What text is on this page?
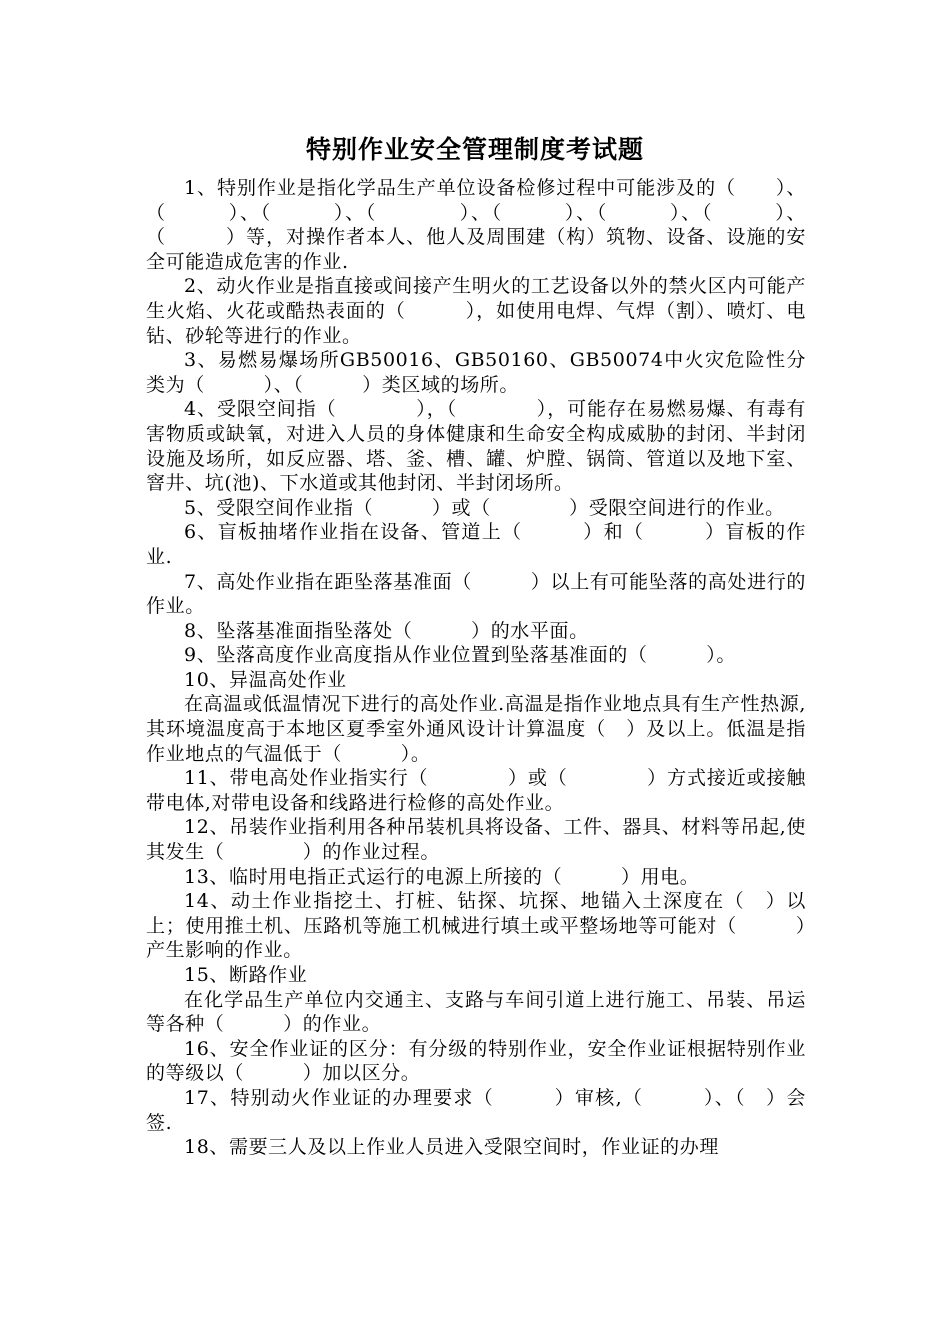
特别作业安全管理制度考试题

1、特别作业是指化学品生产单位设备检修过程中可能涉及的（　　）、（　　　）、（　　　）、（　　　　）、（　　　）、（　　　）、（　　　）、（　　　）等，对操作者本人、他人及周围建（构）筑物、设备、设施的安全可能造成危害的作业.

2、动火作业是指直接或间接产生明火的工艺设备以外的禁火区内可能产生火焰、火花或酷热表面的（　　　），如使用电焊、气焊（割）、喷灯、电钻、砂轮等进行的作业。

3、易燃易爆场所GB50016、GB50160、GB50074中火灾危险性分类为（　　　）、（　　　）类区域的场所。

4、受限空间指（　　　　），（　　　　），可能存在易燃易爆、有毒有害物质或缺氧，对进入人员的身体健康和生命安全构成威胁的封闭、半封闭设施及场所，如反应器、塔、釜、槽、罐、炉膛、锅筒、管道以及地下室、窨井、坑(池)、下水道或其他封闭、半封闭场所。

5、受限空间作业指（　　　）或（　　　　）受限空间进行的作业。

6、盲板抽堵作业指在设备、管道上（　　　）和（　　　）盲板的作业.

7、高处作业指在距坠落基准面（　　　）以上有可能坠落的高处进行的作业。

8、坠落基准面指坠落处（　　　）的水平面。

9、坠落高度作业高度指从作业位置到坠落基准面的（　　　）。

10、异温高处作业

在高温或低温情况下进行的高处作业.高温是指作业地点具有生产性热源,其环境温度高于本地区夏季室外通风设计计算温度（　）及以上。低温是指作业地点的气温低于（　　　）。

11、带电高处作业指实行（　　　　）或（　　　　）方式接近或接触带电体,对带电设备和线路进行检修的高处作业。

12、吊装作业指利用各种吊装机具将设备、工件、器具、材料等吊起,使其发生（　　　　）的作业过程。

13、临时用电指正式运行的电源上所接的（　　　）用电。

14、动土作业指挖土、打桩、钻探、坑探、地锚入土深度在（　）以上；使用推土机、压路机等施工机械进行填土或平整场地等可能对（　　　）产生影响的作业。

15、断路作业

在化学品生产单位内交通主、支路与车间引道上进行施工、吊装、吊运等各种（　　　）的作业。

16、安全作业证的区分：有分级的特别作业，安全作业证根据特别作业的等级以（　　　）加以区分。

17、特别动火作业证的办理要求（　　　）审核,（　　　）、（　）会签.

18、需要三人及以上作业人员进入受限空间时，作业证的办理
